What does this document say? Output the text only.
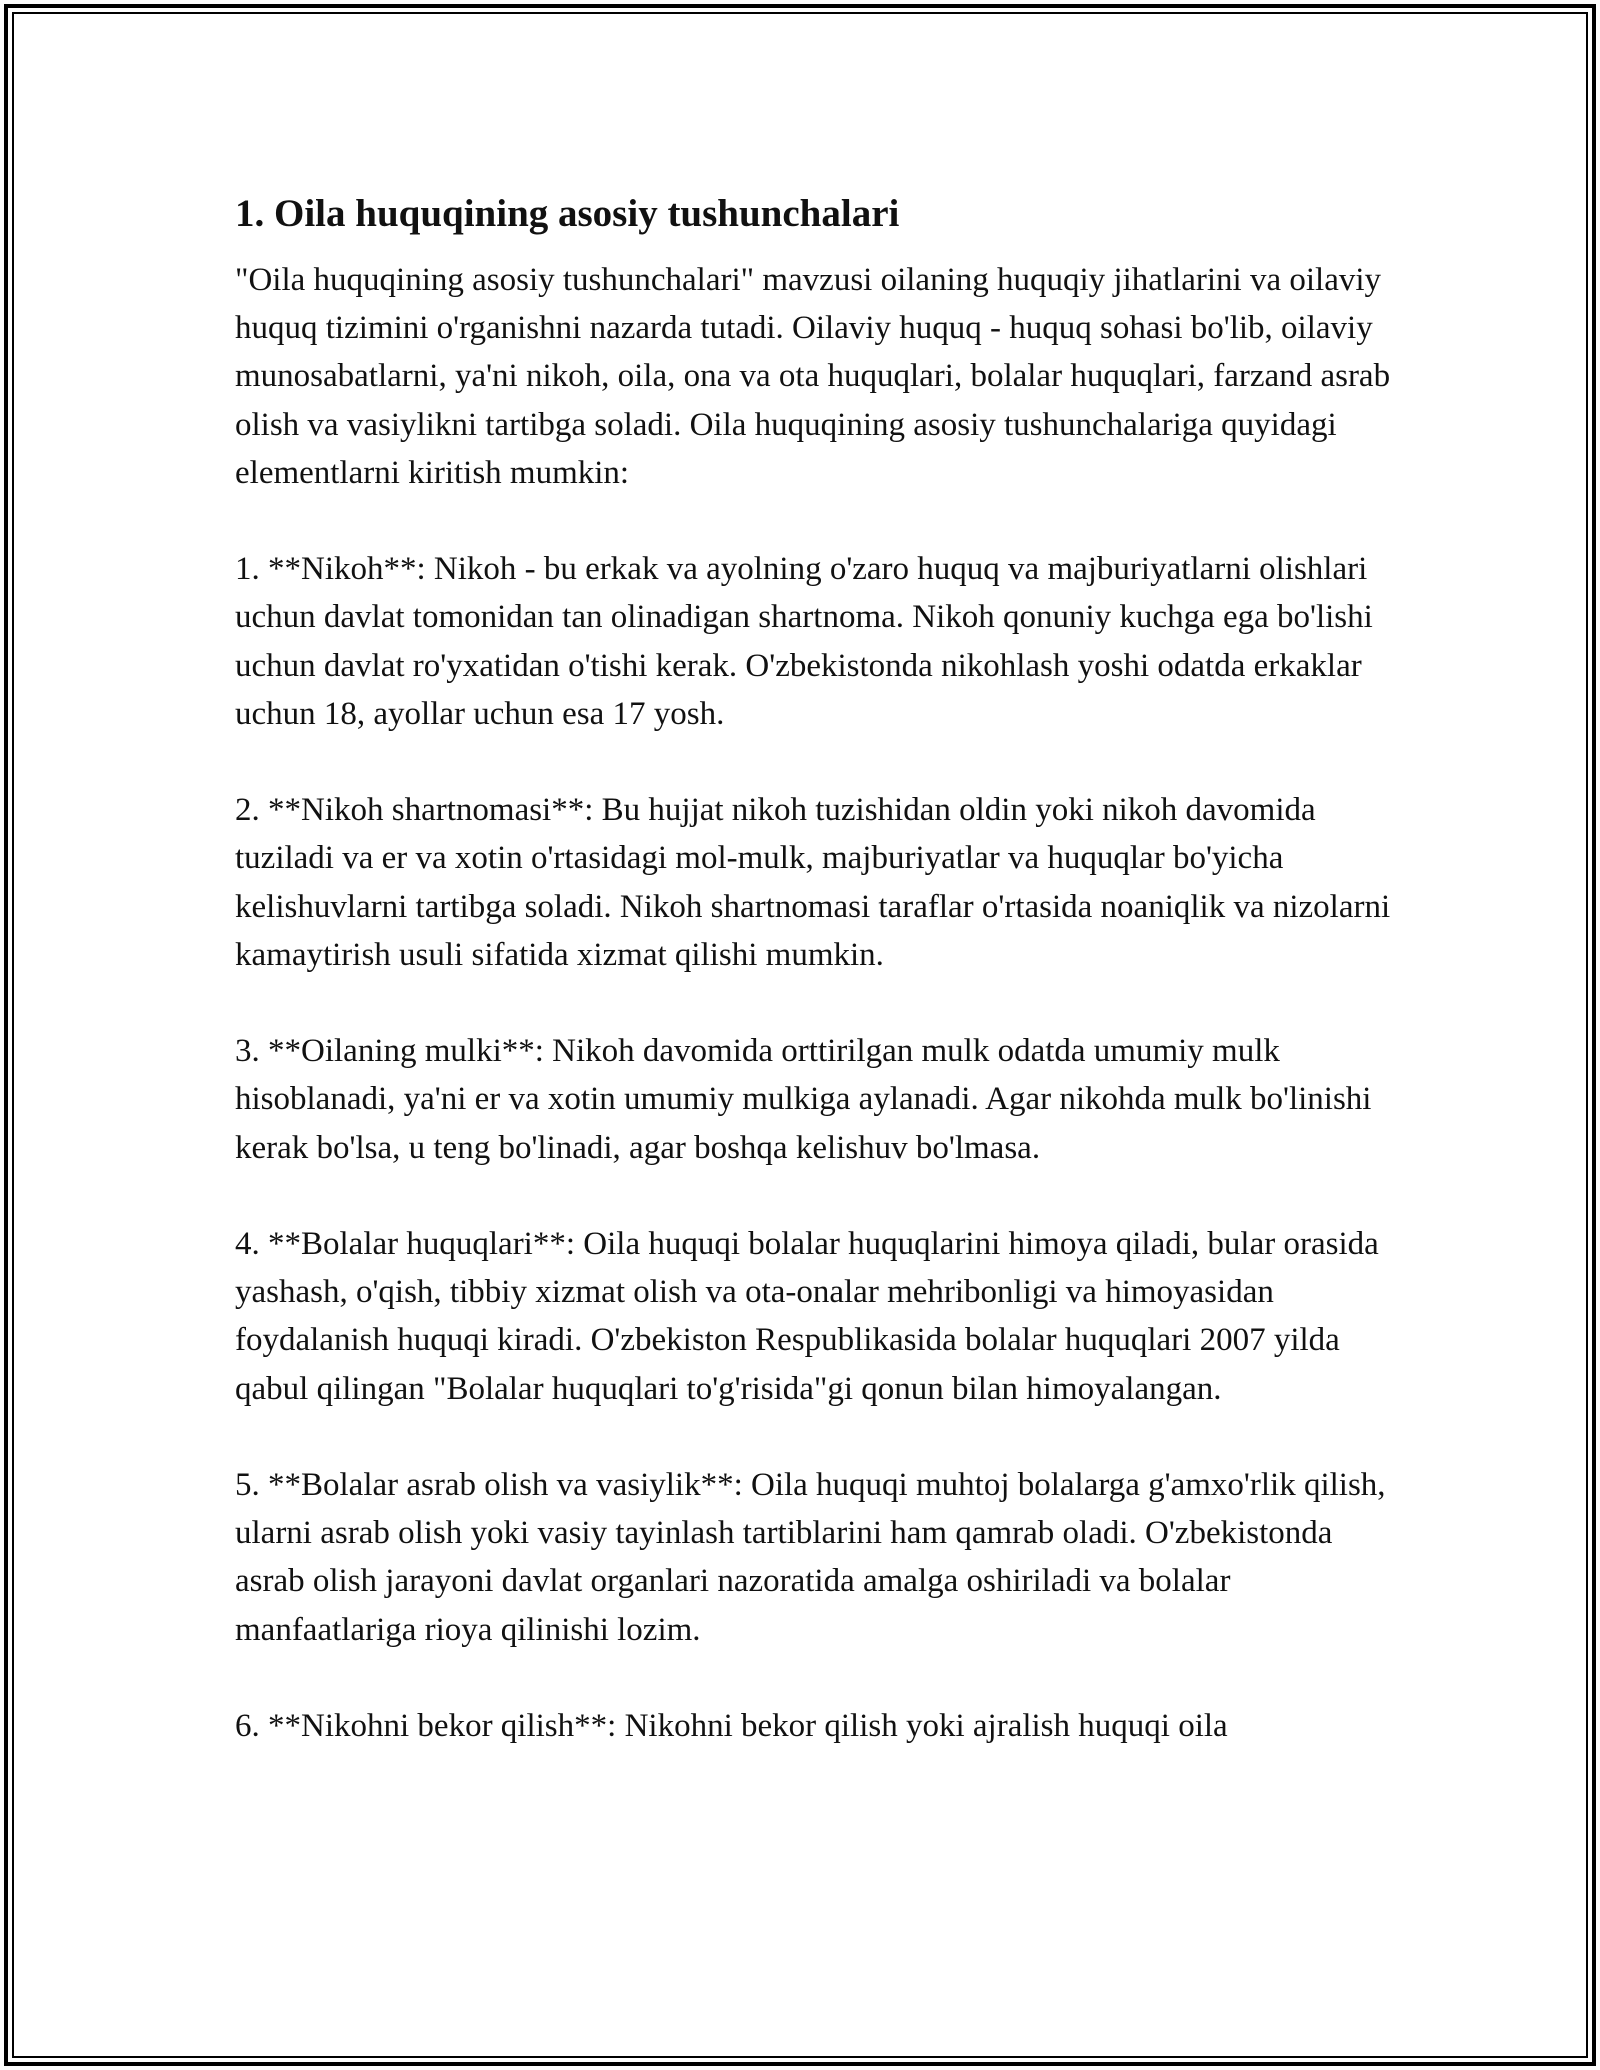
1. Oila huquqining asosiy tushunchalari

"Oila huquqining asosiy tushunchalari" mavzusi oilaning huquqiy jihatlarini va oilaviy huquq tizimini o'rganishni nazarda tutadi. Oilaviy huquq - huquq sohasi bo'lib, oilaviy munosabatlarni, ya'ni nikoh, oila, ona va ota huquqlari, bolalar huquqlari, farzand asrab olish va vasiylikni tartibga soladi. Oila huquqining asosiy tushunchalariga quyidagi elementlarni kiritish mumkin:

1. **Nikoh**: Nikoh - bu erkak va ayolning o'zaro huquq va majburiyatlarni olishlari uchun davlat tomonidan tan olinadigan shartnoma. Nikoh qonuniy kuchga ega bo'lishi uchun davlat ro'yxatidan o'tishi kerak. O'zbekistonda nikohlash yoshi odatda erkaklar uchun 18, ayollar uchun esa 17 yosh.

2. **Nikoh shartnomasi**: Bu hujjat nikoh tuzishidan oldin yoki nikoh davomida tuziladi va er va xotin o'rtasidagi mol-mulk, majburiyatlar va huquqlar bo'yicha kelishuvlarni tartibga soladi. Nikoh shartnomasi taraflar o'rtasida noaniqlik va nizolarni kamaytirish usuli sifatida xizmat qilishi mumkin.

3. **Oilaning mulki**: Nikoh davomida orttirilgan mulk odatda umumiy mulk hisoblanadi, ya'ni er va xotin umumiy mulkiga aylanadi. Agar nikohda mulk bo'linishi kerak bo'lsa, u teng bo'linadi, agar boshqa kelishuv bo'lmasa.

4. **Bolalar huquqlari**: Oila huquqi bolalar huquqlarini himoya qiladi, bular orasida yashash, o'qish, tibbiy xizmat olish va ota-onalar mehribonligi va himoyasidan foydalanish huquqi kiradi. O'zbekiston Respublikasida bolalar huquqlari 2007 yilda qabul qilingan "Bolalar huquqlari to'g'risida"gi qonun bilan himoyalangan.

5. **Bolalar asrab olish va vasiylik**: Oila huquqi muhtoj bolalarga g'amxo'rlik qilish, ularni asrab olish yoki vasiy tayinlash tartiblarini ham qamrab oladi. O'zbekistonda asrab olish jarayoni davlat organlari nazoratida amalga oshiriladi va bolalar manfaatlariga rioya qilinishi lozim.

6. **Nikohni bekor qilish**: Nikohni bekor qilish yoki ajralish huquqi oila
